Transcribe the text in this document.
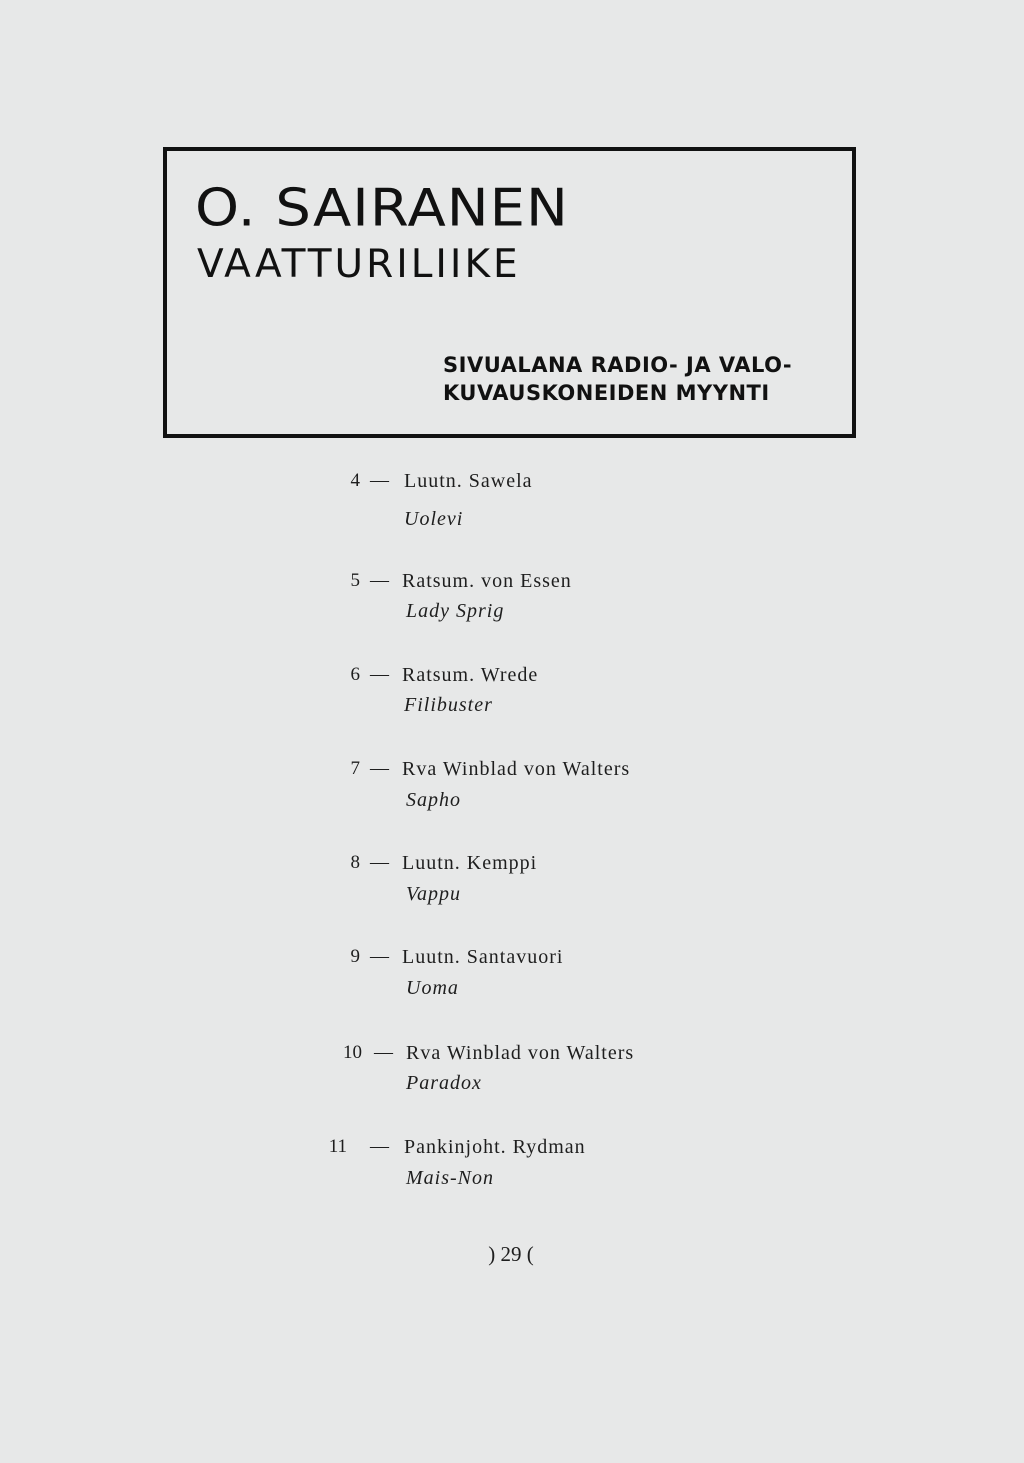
O. SAIRANEN
VAATTURILIIKE
SIVUALANA RADIO- JA VALO-
KUVAUSKONEIDEN MYYNTI
4 — Luutn. Sawela
Uolevi
5 — Ratsum. von Essen
Lady Sprig
6 — Ratsum. Wrede
Filibuster
7 — Rva Winblad von Walters
Sapho
8 — Luutn. Kemppi
Vappu
9 — Luutn. Santavuori
Uoma
10 — Rva Winblad von Walters
Paradox
11 — Pankinjoht. Rydman
Mais-Non
) 29 (
